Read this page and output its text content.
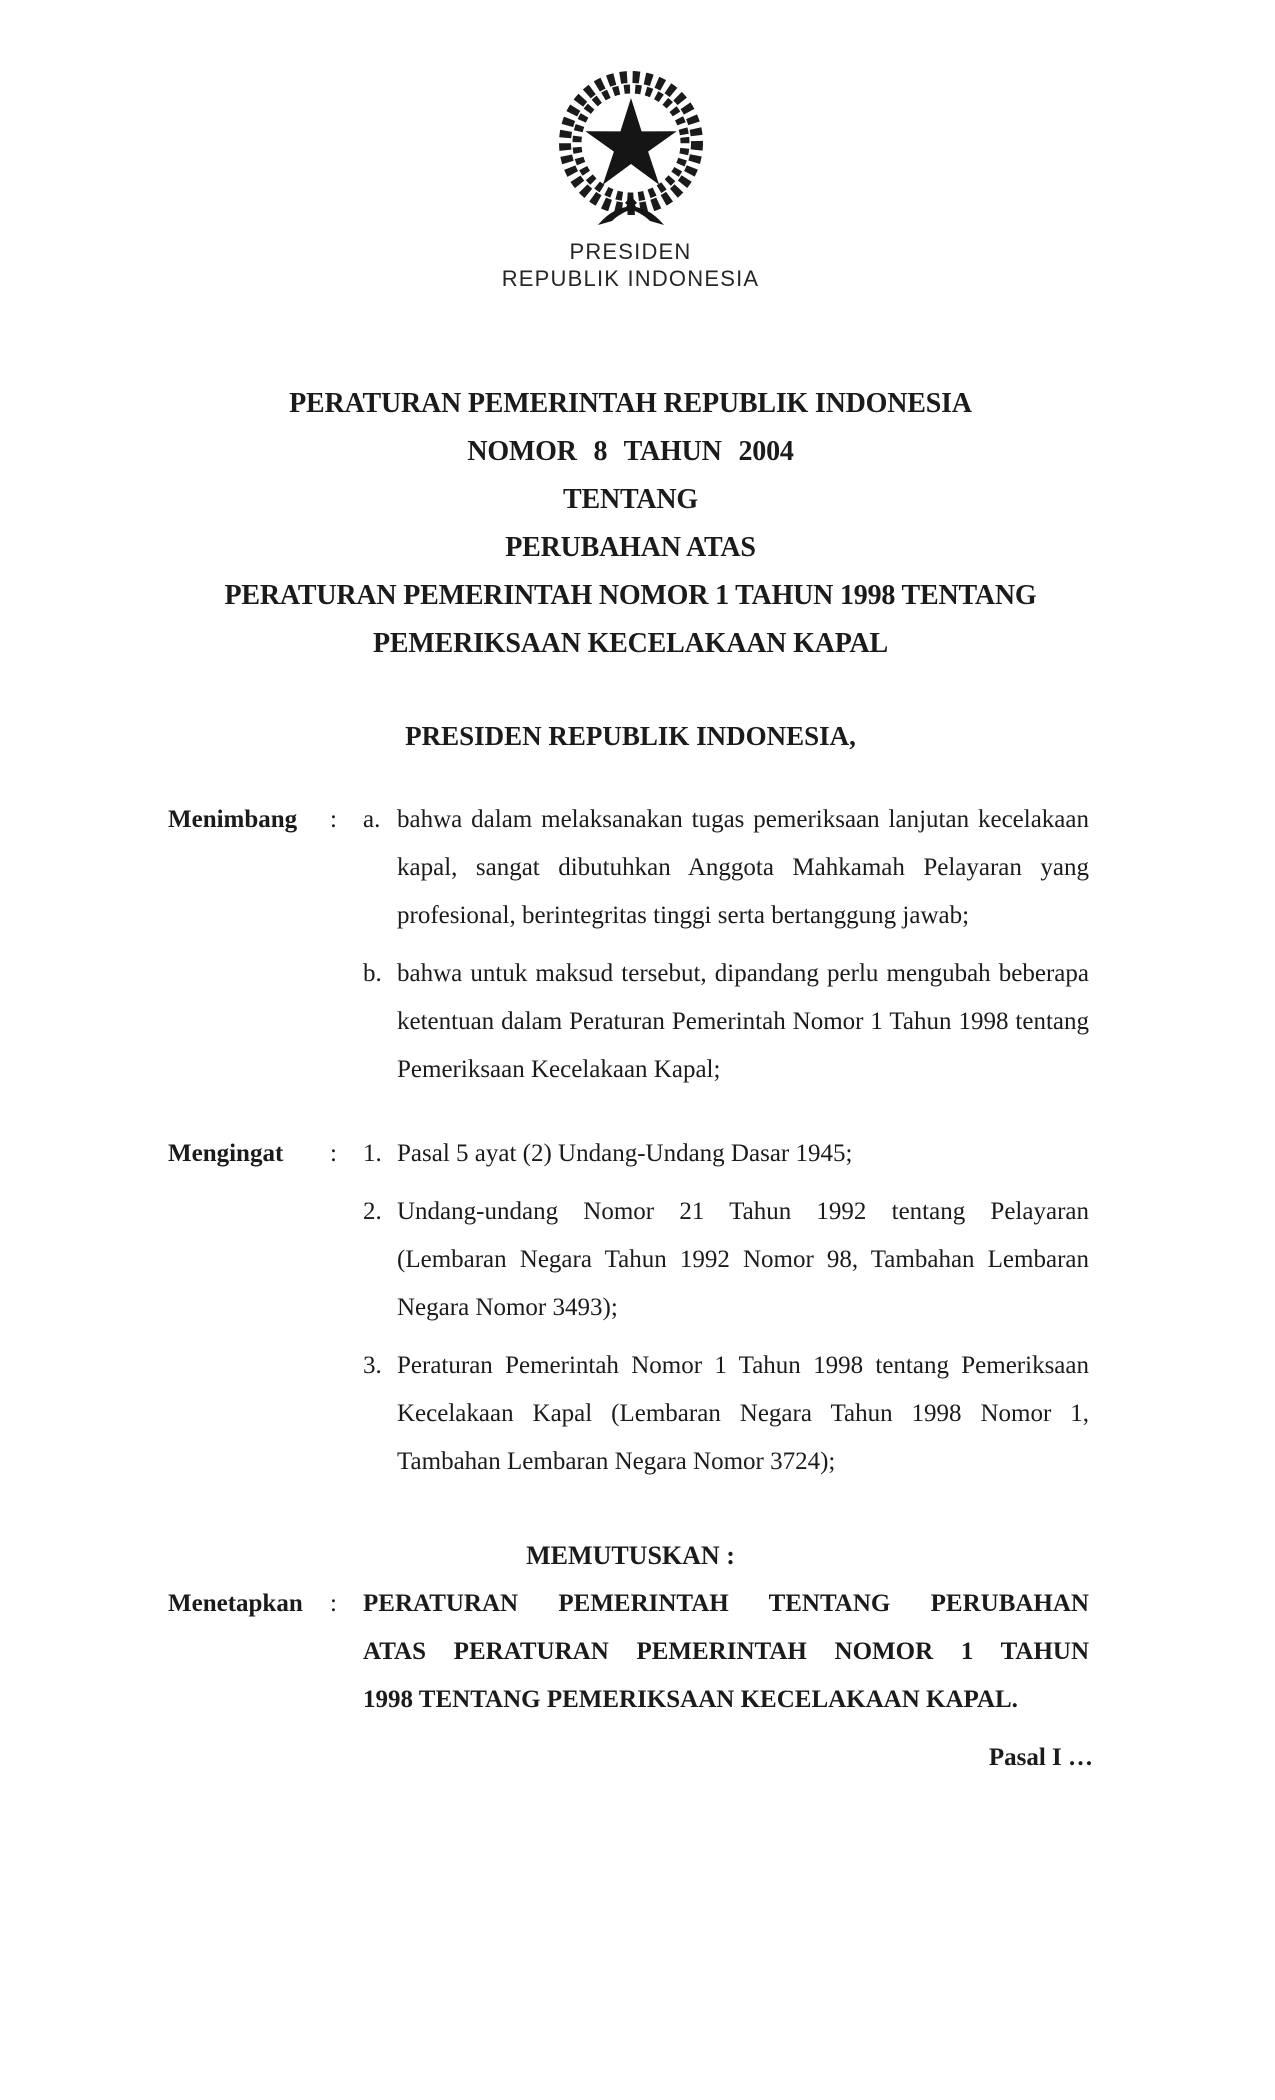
PRESIDEN
REPUBLIK INDONESIA
PERATURAN PEMERINTAH REPUBLIK INDONESIA
NOMOR 8 TAHUN 2004
TENTANG
PERUBAHAN ATAS
PERATURAN PEMERINTAH NOMOR 1 TAHUN 1998 TENTANG
PEMERIKSAAN KECELAKAAN KAPAL
PRESIDEN REPUBLIK INDONESIA,
Menimbang	:	a. bahwa dalam melaksanakan tugas pemeriksaan lanjutan kecelakaan kapal, sangat dibutuhkan Anggota Mahkamah Pelayaran yang profesional, berintegritas tinggi serta bertanggung jawab;

b. bahwa untuk maksud tersebut, dipandang perlu mengubah beberapa ketentuan dalam Peraturan Pemerintah Nomor 1 Tahun 1998 tentang Pemeriksaan Kecelakaan Kapal;

Mengingat	:	1. Pasal 5 ayat (2) Undang-Undang Dasar 1945;

2. Undang-undang Nomor 21 Tahun 1992 tentang Pelayaran (Lembaran Negara Tahun 1992 Nomor 98, Tambahan Lembaran Negara Nomor 3493);

3. Peraturan Pemerintah Nomor 1 Tahun 1998 tentang Pemeriksaan Kecelakaan Kapal (Lembaran Negara Tahun 1998 Nomor 1, Tambahan Lembaran Negara Nomor 3724);

MEMUTUSKAN :
Menetapkan	:	PERATURAN PEMERINTAH TENTANG PERUBAHAN
ATAS PERATURAN PEMERINTAH NOMOR 1 TAHUN
1998 TENTANG PEMERIKSAAN KECELAKAAN KAPAL.
Pasal I …
